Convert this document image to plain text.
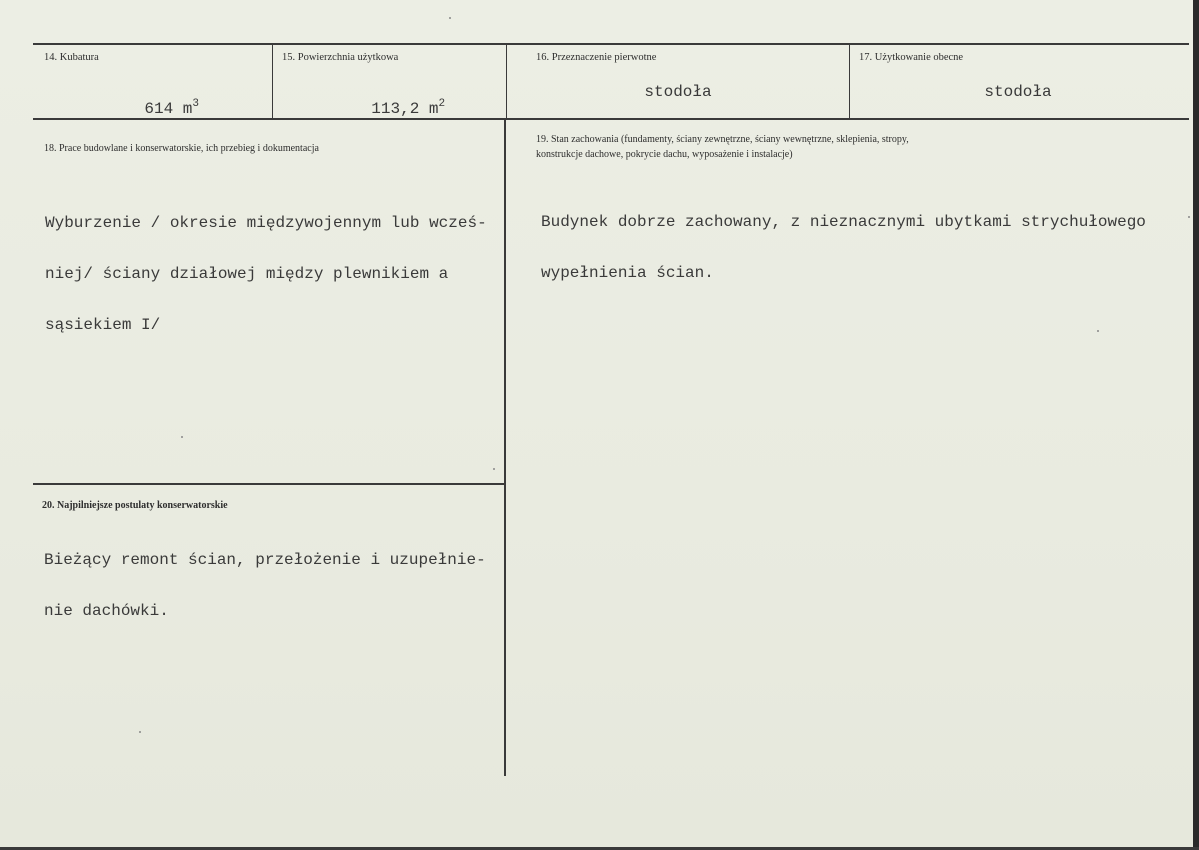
14. Kubatura

614 $m^3$

15. Powierzchnia użytkowa

113,2 $m^2$

16. Przeznaczenie pierwotne
stodoła
17. Użytkowanie obecne
stodoła
18. Prace budowlane i konserwatorskie, ich przebieg i dokumentacja

Wyburzenie / okresie międzywojennym lub wcześ-

niej/ ściany działowej między plewnikiem a

sąsiekiem I/

19. Stan zachowania (fundamenty, ściany zewnętrzne, ściany wewnętrzne, sklepienia, stropy,
konstrukcje dachowe, pokrycie dachu, wyposażenie i instalacje)

Budynek dobrze zachowany, z nieznacznymi ubytkami strychułowego

wypełnienia ścian.

20. Najpilniejsze postulaty konserwatorskie

Bieżący remont ścian, przełożenie i uzupełnie-

nie dachówki.
